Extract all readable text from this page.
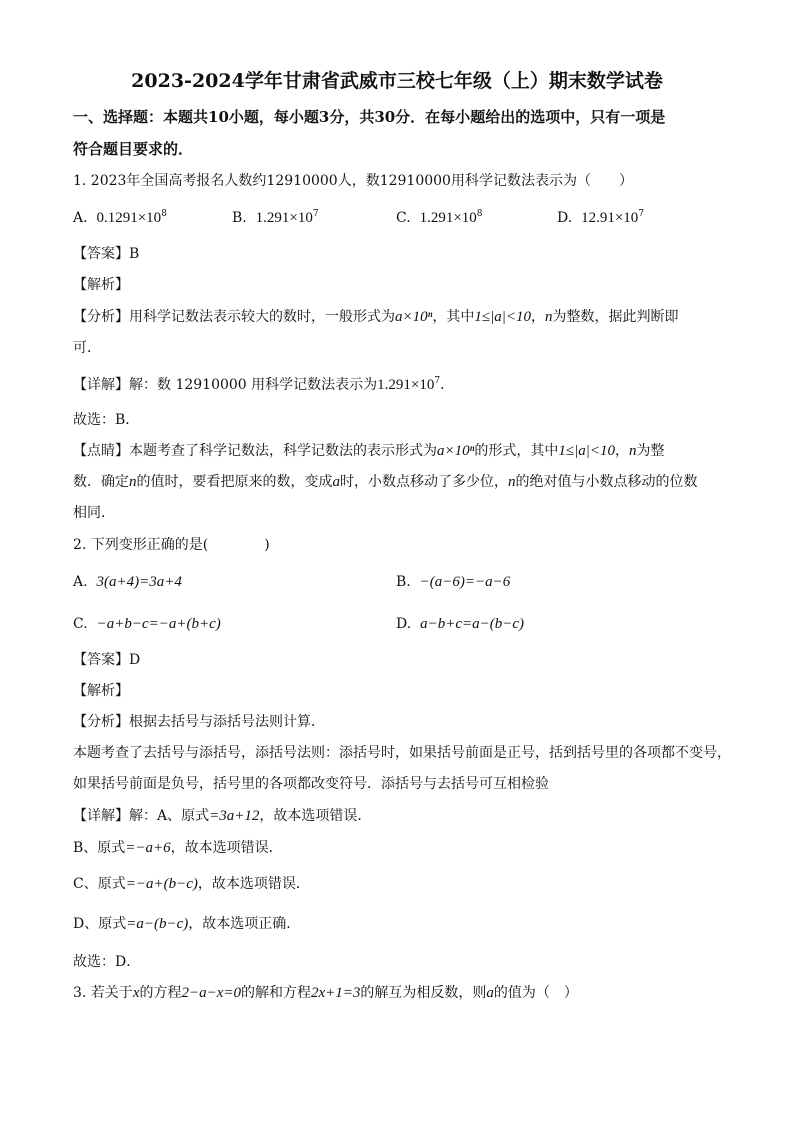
2023-2024学年甘肃省武威市三校七年级（上）期末数学试卷
一、选择题：本题共10小题，每小题3分，共30分．在每小题给出的选项中，只有一项是
符合题目要求的．
1. 2023年全国高考报名人数约12910000人，数12910000用科学记数法表示为（　　）
A. $0.1291\times 10^8$	B. $1.291\times 10^7$	C. $1.291\times 10^8$	D. $12.91\times 10^7$
【答案】B
【解析】
【分析】用科学记数法表示较大的数时，一般形式为a×10ⁿ，其中1≤|a|<10，n为整数，据此判断即
可．
【详解】解：数 12910000 用科学记数法表示为$1.291\times 10^7$．
故选：B．
【点睛】本题考查了科学记数法，科学记数法的表示形式为a×10ⁿ的形式，其中1≤|a|<10，n为整
数．确定n的值时，要看把原来的数，变成a时，小数点移动了多少位，n的绝对值与小数点移动的位数
相同．
2. 下列变形正确的是(　　　　)
A. 3(a+4)=3a+4	B. −(a−6)=−a−6
C. −a+b−c=−a+(b+c)	D. a−b+c=a−(b−c)
【答案】D
【解析】
【分析】根据去括号与添括号法则计算．
本题考查了去括号与添括号，添括号法则：添括号时，如果括号前面是正号，括到括号里的各项都不变号，
如果括号前面是负号，括号里的各项都改变符号．添括号与去括号可互相检验
【详解】解：A、原式=3a+12，故本选项错误．
B、原式=−a+6，故本选项错误．
C、原式=−a+(b−c)，故本选项错误．
D、原式=a−(b−c)，故本选项正确．
故选：D．
3. 若关于x的方程2−a−x=0的解和方程2x+1=3的解互为相反数，则a的值为（　）
